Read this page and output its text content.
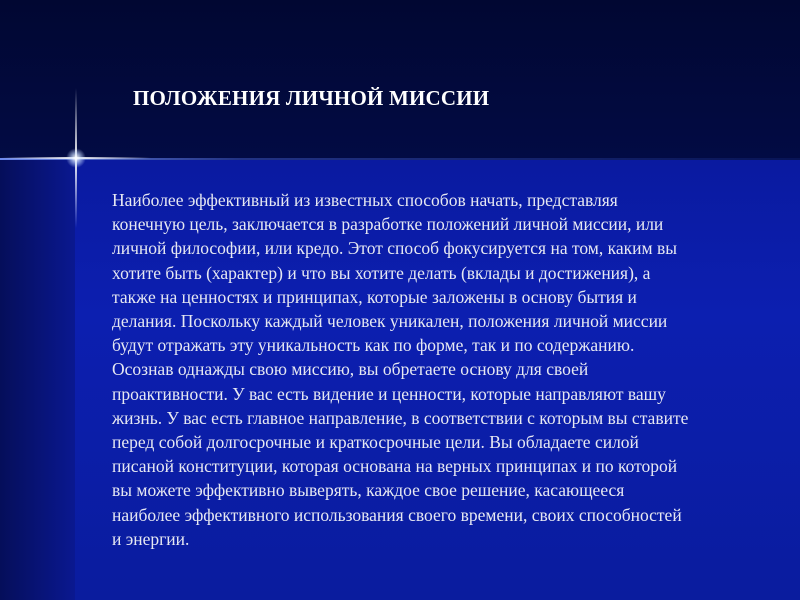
ПОЛОЖЕНИЯ ЛИЧНОЙ МИССИИ
Наиболее эффективный из известных способов начать, представляя
конечную цель, заключается в разработке положений личной миссии, или
личной философии, или кредо. Этот способ фокусируется на том, каким вы
хотите быть (характер) и что вы хотите делать (вклады и достижения), а
также на ценностях и принципах, которые заложены в основу бытия и
делания. Поскольку каждый человек уникален, положения личной миссии
будут отражать эту уникальность как по форме, так и по содержанию.
Осознав однажды свою миссию, вы обретаете основу для своей
проактивности. У вас есть видение и ценности, которые направляют вашу
жизнь. У вас есть главное направление, в соответствии с которым вы ставите
перед собой долгосрочные и краткосрочные цели. Вы обладаете силой
писаной конституции, которая основана на верных принципах и по которой
вы можете эффективно выверять, каждое свое решение, касающееся
наиболее эффективного использования своего времени, своих способностей
и энергии.
